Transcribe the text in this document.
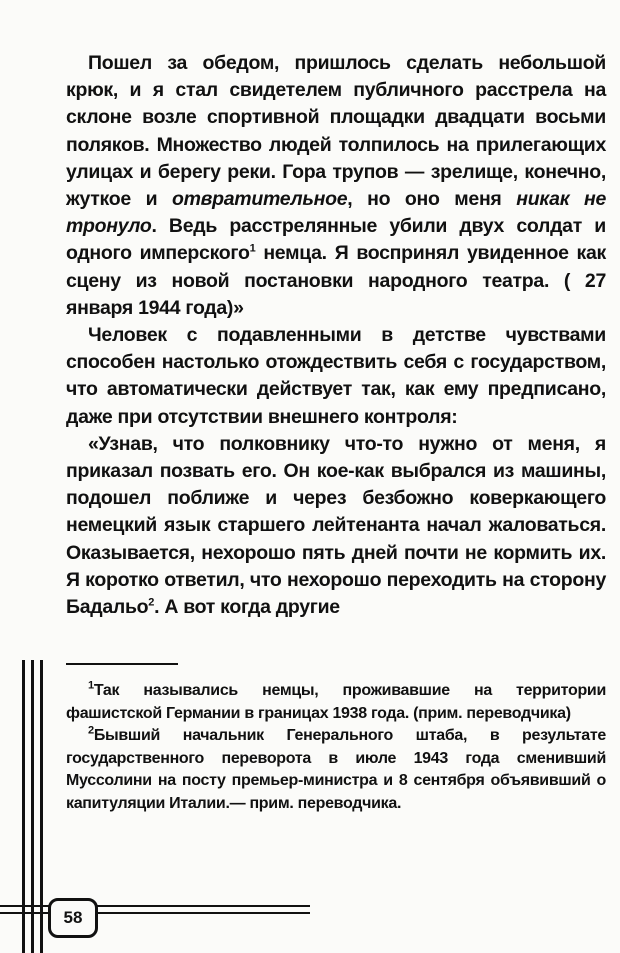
Пошел за обедом, пришлось сделать небольшой крюк, и я стал свидетелем публичного расстрела на склоне возле спортивной площадки двадцати восьми поляков. Множество людей толпилось на прилегающих улицах и берегу реки. Гора трупов — зрелище, конечно, жуткое и отвратительное, но оно меня никак не тронуло. Ведь расстрелянные убили двух солдат и одного имперского$^1$ немца. Я воспринял увиденное как сцену из новой постановки народного театра. ( 27 января 1944 года)»

Человек с подавленными в детстве чувствами способен настолько отождествить себя с государством, что автоматически действует так, как ему предписано, даже при отсутствии внешнего контроля:

«Узнав, что полковнику что-то нужно от меня, я приказал позвать его. Он кое-как выбрался из машины, подошел поближе и через безбожно коверкающего немецкий язык старшего лейтенанта начал жаловаться. Оказывается, нехорошо пять дней почти не кормить их. Я коротко ответил, что нехорошо переходить на сторону Бадальо$^2$. А вот когда другие

$^1$Так назывались немцы, проживавшие на территории фашистской Германии в границах 1938 года. (прим. переводчика)

$^2$Бывший начальник Генерального штаба, в результате государственного переворота в июле 1943 года сменивший Муссолини на посту премьер-министра и 8 сентября объявивший о капитуляции Италии.— прим. переводчика.

58
